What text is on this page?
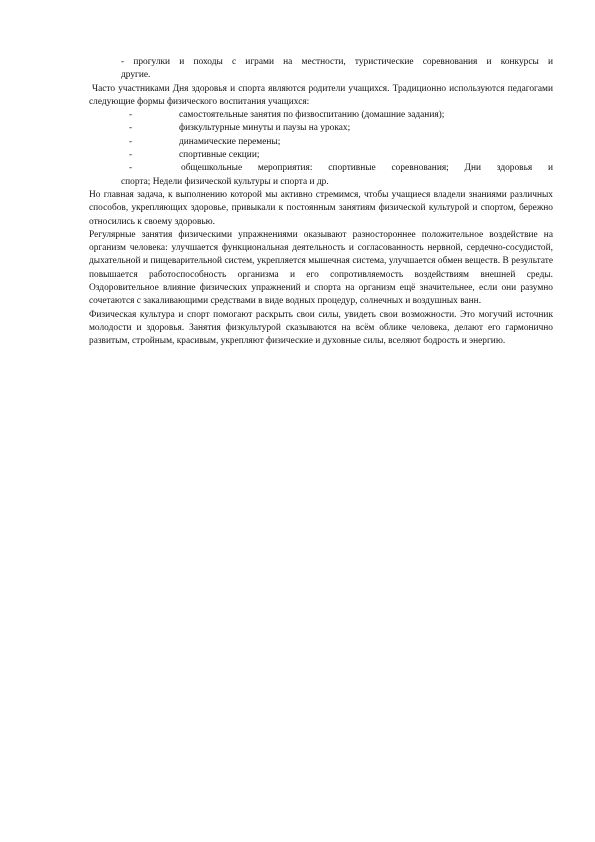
- прогулки и походы с играми на местности, туристические соревнования и конкурсы и

другие.

Часто участниками Дня здоровья и спорта являются родители учащихся. Традиционно используются педагогами следующие формы физического воспитания учащихся:

-	самостоятельные занятия по физвоспитанию (домашние задания);
-	физкультурные минуты и паузы на уроках;
-	динамические перемены;
-	спортивные секции;
-	общешкольные мероприятия: спортивные соревнования; Дни здоровья и
спорта; Недели физической культуры и спорта и др.

Но главная задача, к выполнению которой мы активно стремимся, чтобы учащиеся владели знаниями различных способов, укрепляющих здоровье, привыкали к постоянным занятиям физической культурой и спортом, бережно относились к своему здоровью.

Регулярные занятия физическими упражнениями оказывают разностороннее положительное воздействие на организм человека: улучшается функциональная деятельность и согласованность нервной, сердечно-сосудистой, дыхательной и пищеварительной систем, укрепляется мышечная система, улучшается обмен веществ. В результате повышается работоспособность организма и его сопротивляемость воздействиям внешней среды. Оздоровительное влияние физических упражнений и спорта на организм ещё значительнее, если они разумно сочетаются с закаливающими средствами в виде водных процедур, солнечных и воздушных ванн.

Физическая культура и спорт помогают раскрыть свои силы, увидеть свои возможности. Это могучий источник молодости и здоровья. Занятия физкультурой сказываются на всём облике человека, делают его гармонично развитым, стройным, красивым, укрепляют физические и духовные силы, вселяют бодрость и энергию.
